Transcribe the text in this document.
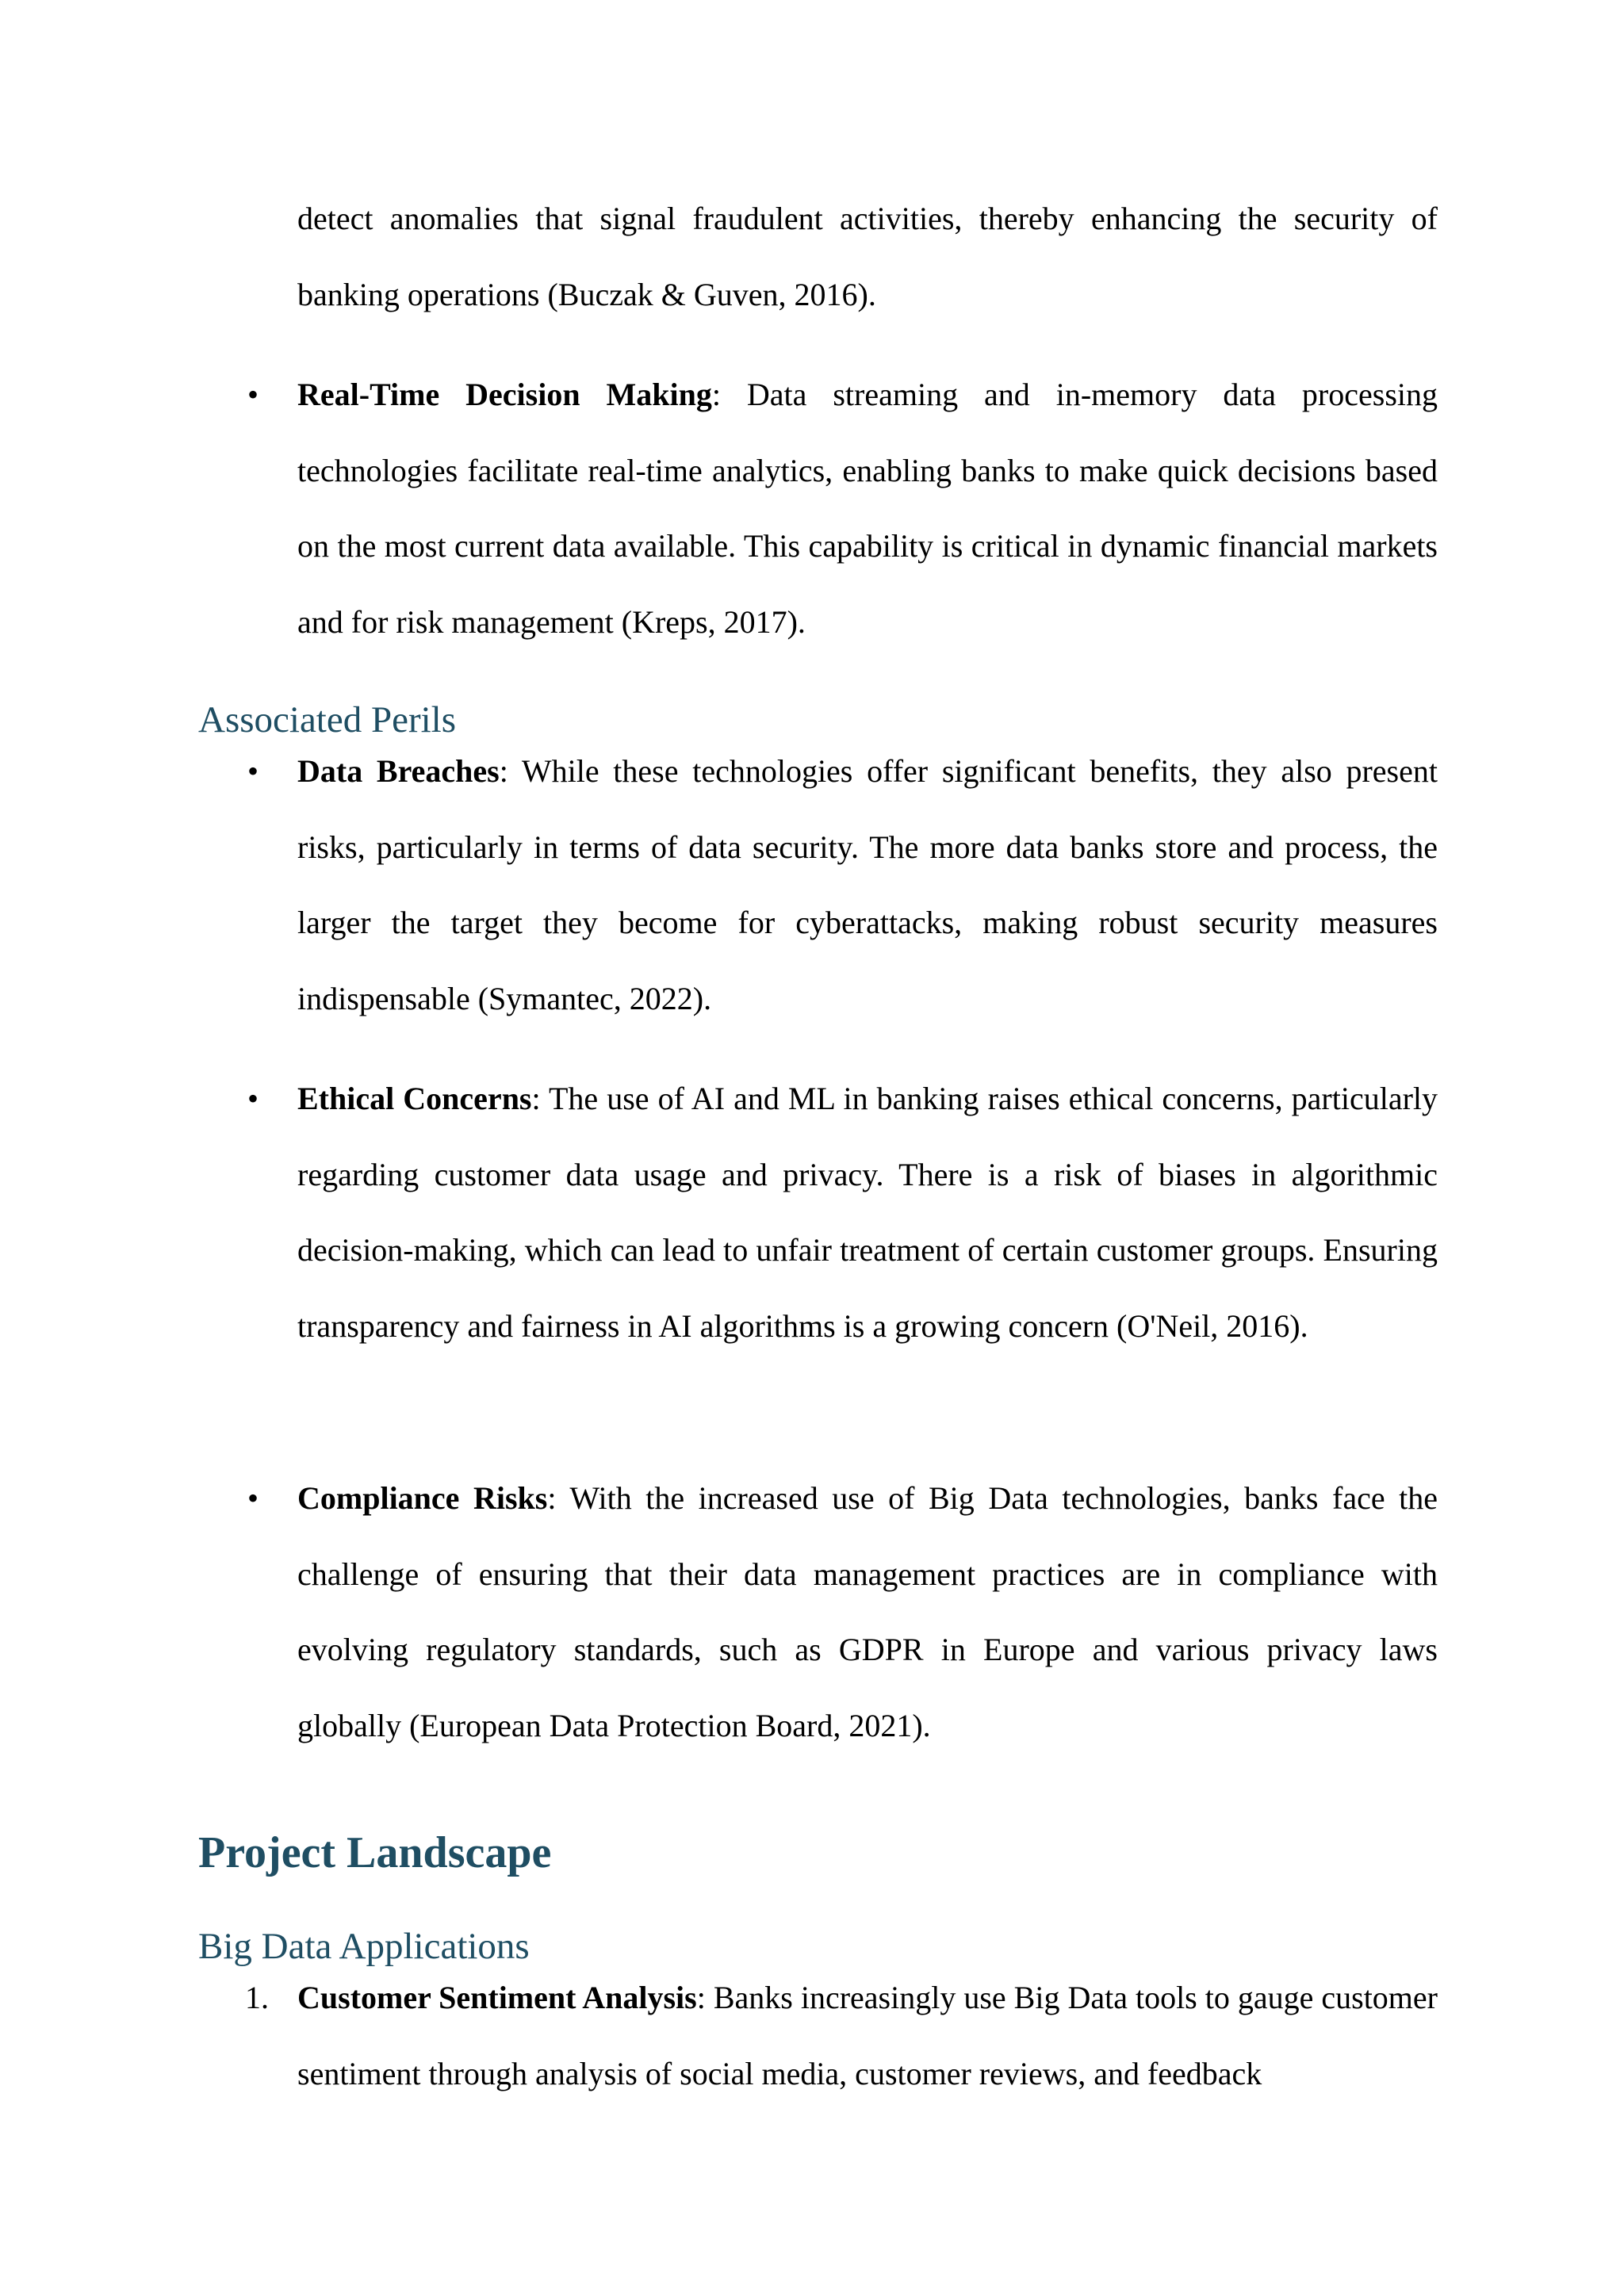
detect anomalies that signal fraudulent activities, thereby enhancing the security of banking operations (Buczak & Guven, 2016).

• Real-Time Decision Making: Data streaming and in-memory data processing technologies facilitate real-time analytics, enabling banks to make quick decisions based on the most current data available. This capability is critical in dynamic financial markets and for risk management (Kreps, 2017).

Associated Perils
• Data Breaches: While these technologies offer significant benefits, they also present risks, particularly in terms of data security. The more data banks store and process, the larger the target they become for cyberattacks, making robust security measures indispensable (Symantec, 2022).

• Ethical Concerns: The use of AI and ML in banking raises ethical concerns, particularly regarding customer data usage and privacy. There is a risk of biases in algorithmic decision-making, which can lead to unfair treatment of certain customer groups. Ensuring transparency and fairness in AI algorithms is a growing concern (O'Neil, 2016).

• Compliance Risks: With the increased use of Big Data technologies, banks face the challenge of ensuring that their data management practices are in compliance with evolving regulatory standards, such as GDPR in Europe and various privacy laws globally (European Data Protection Board, 2021).

Project Landscape
Big Data Applications
1. Customer Sentiment Analysis: Banks increasingly use Big Data tools to gauge customer sentiment through analysis of social media, customer reviews, and feedback
